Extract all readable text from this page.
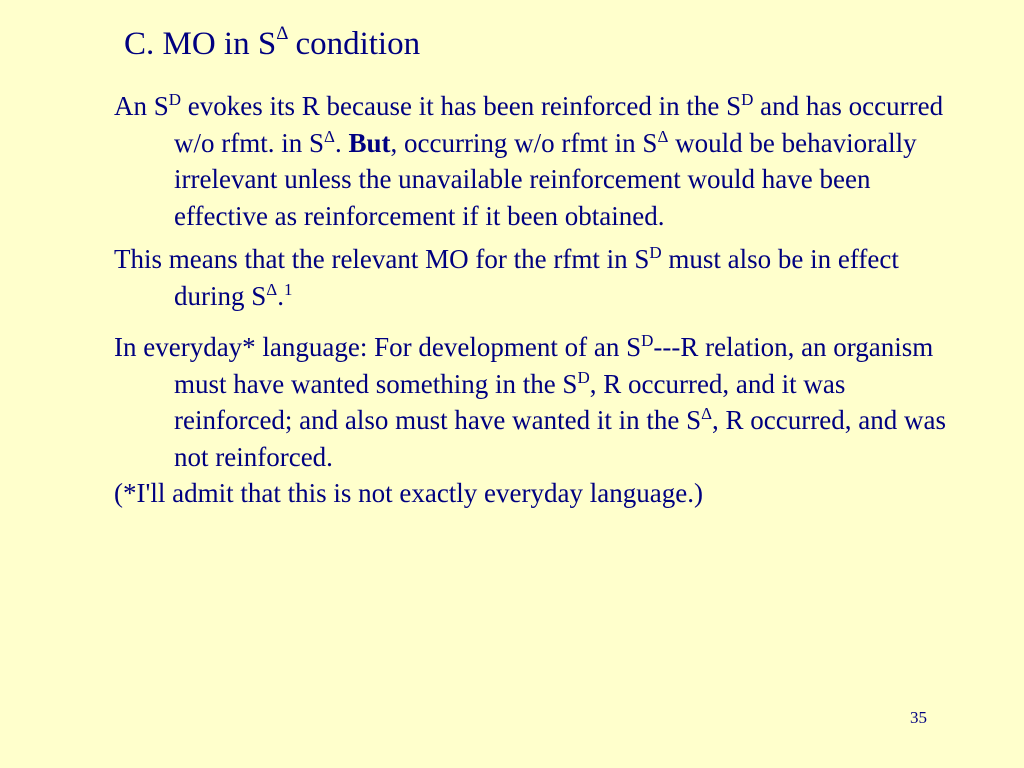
C. MO in $S^\Delta$ condition

An $S^D$ evokes its R because it has been reinforced in the $S^D$ and has occurred w/o rfmt. in $S^\Delta$. But, occurring w/o rfmt in $S^\Delta$ would be behaviorally irrelevant unless the unavailable reinforcement would have been effective as reinforcement if it been obtained.

This means that the relevant MO for the rfmt in $S^D$ must also be in effect during $S^\Delta.^1$

In everyday* language: For development of an $S^D---R$ relation, an organism must have wanted something in the $S^D$, R occurred, and it was reinforced; and also must have wanted it in the $S^\Delta$, R occurred, and was not reinforced.
(*I'll admit that this is not exactly everyday language.)

35
